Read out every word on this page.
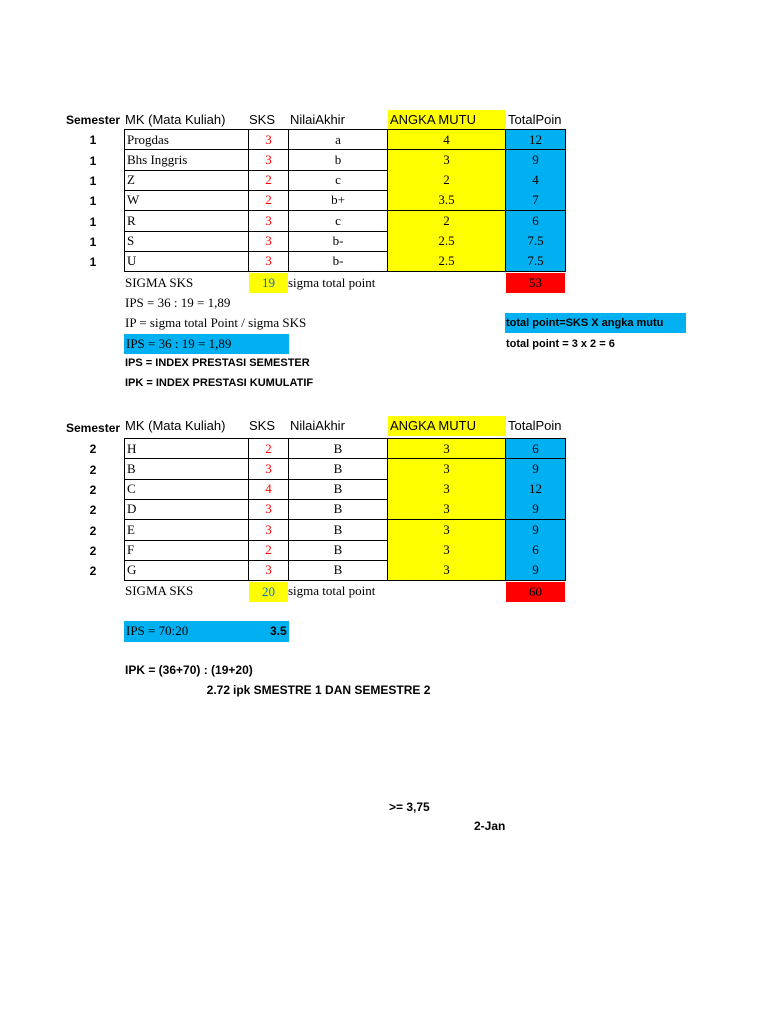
Semester MK (Mata Kuliah)	SKS	NilaiAkhir	ANGKA MUTU	TotalPoin
1	Progdas	3	a	4	12
1	Bhs Inggris	3	b	3	9
1	Z	2	c	2	4
1	W	2	b+	3.5	7
1	R	3	c	2	6
1	S	3	b-	2.5	7.5
1	U	3	b-	2.5	7.5
SIGMA SKS	19	sigma total point	53
IPS = 36 : 19 = 1,89
IP = sigma total Point / sigma SKS
IPS = 36 : 19 = 1,89
IPS = INDEX PRESTASI SEMESTER
IPK = INDEX PRESTASI KUMULATIF
total point=SKS X angka mutu
total point = 3 x 2 = 6
Semester MK (Mata Kuliah)	SKS	NilaiAkhir	ANGKA MUTU	TotalPoin
2	H	2	B	3	6
2	B	3	B	3	9
2	C	4	B	3	12
2	D	3	B	3	9
2	E	3	B	3	9
2	F	2	B	3	6
2	G	3	B	3	9
SIGMA SKS	20	sigma total point	60
IPS = 70:20	3.5
IPK = (36+70) : (19+20)
2.72 ipk SMESTRE 1 DAN SEMESTRE 2
>= 3,75
2-Jan
